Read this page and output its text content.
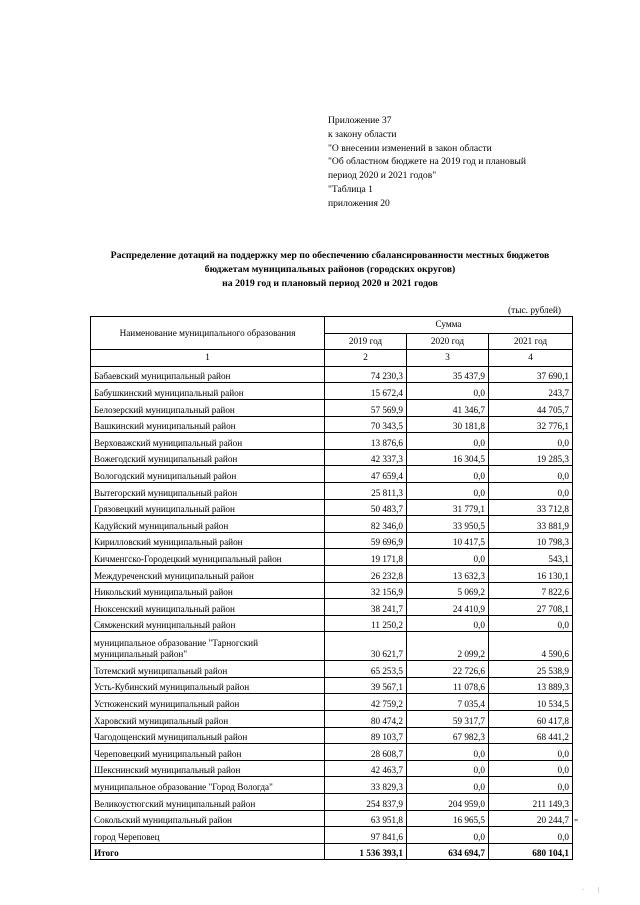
Приложение 37
к закону области
"О внесении изменений в закон области
"Об областном бюджете на 2019 год и плановый
период 2020 и 2021 годов"
"Таблица 1
приложения 20
Распределение дотаций на поддержку мер по обеспечению сбалансированности местных бюджетов
бюджетам муниципальных районов (городских округов)
на 2019 год и плановый период 2020 и 2021 годов
(тыс. рублей)
Наименование муниципального образования	Сумма		
	2019 год	2020 год	2021 год
1	2	3	4
Бабаевский муниципальный район	74 230,3	35 437,9	37 690,1
Бабушкинский муниципальный район	15 672,4	0,0	243,7
Белозерский муниципальный район	57 569,9	41 346,7	44 705,7
Вашкинский муниципальный район	70 343,5	30 181,8	32 776,1
Верховажский муниципальный район	13 876,6	0,0	0,0
Вожегодский муниципальный район	42 337,3	16 304,5	19 285,3
Вологодский муниципальный район	47 659,4	0,0	0,0
Вытегорский муниципальный район	25 811,3	0,0	0,0
Грязовецкий муниципальный район	50 483,7	31 779,1	33 712,8
Кадуйский муниципальный район	82 346,0	33 950,5	33 881,9
Кирилловский муниципальный район	59 696,9	10 417,5	10 798,3
Кичменгско-Городецкий муниципальный район	19 171,8	0,0	543,1
Междуреченский муниципальный район	26 232,8	13 632,3	16 130,1
Никольский муниципальный район	32 156,9	5 069,2	7 822,6
Нюксенский муниципальный район	38 241,7	24 410,9	27 708,1
Сямженский муниципальный район	11 250,2	0,0	0,0
муниципальное образование "Тарногский муниципальный район"	30 621,7	2 099,2	4 590,6
Тотемский муниципальный район	65 253,5	22 726,6	25 538,9
Усть-Кубинский муниципальный район	39 567,1	11 078,6	13 889,3
Устюженский муниципальный район	42 759,2	7 035,4	10 534,5
Харовский муниципальный район	80 474,2	59 317,7	60 417,8
Чагодощенский муниципальный район	89 103,7	67 982,3	68 441,2
Череповецкий муниципальный район	28 608,7	0,0	0,0
Шекснинский муниципальный район	42 463,7	0,0	0,0
муниципальное образование "Город Вологда"	33 829,3	0,0	0,0
Великоустюгский муниципальный район	254 837,9	204 959,0	211 149,3
Сокольский муниципальный район	63 951,8	16 965,5	20 244,7
город Череповец	97 841,6	0,0	0,0
Итого	1 536 393,1	634 694,7	680 104,1
"
· |
